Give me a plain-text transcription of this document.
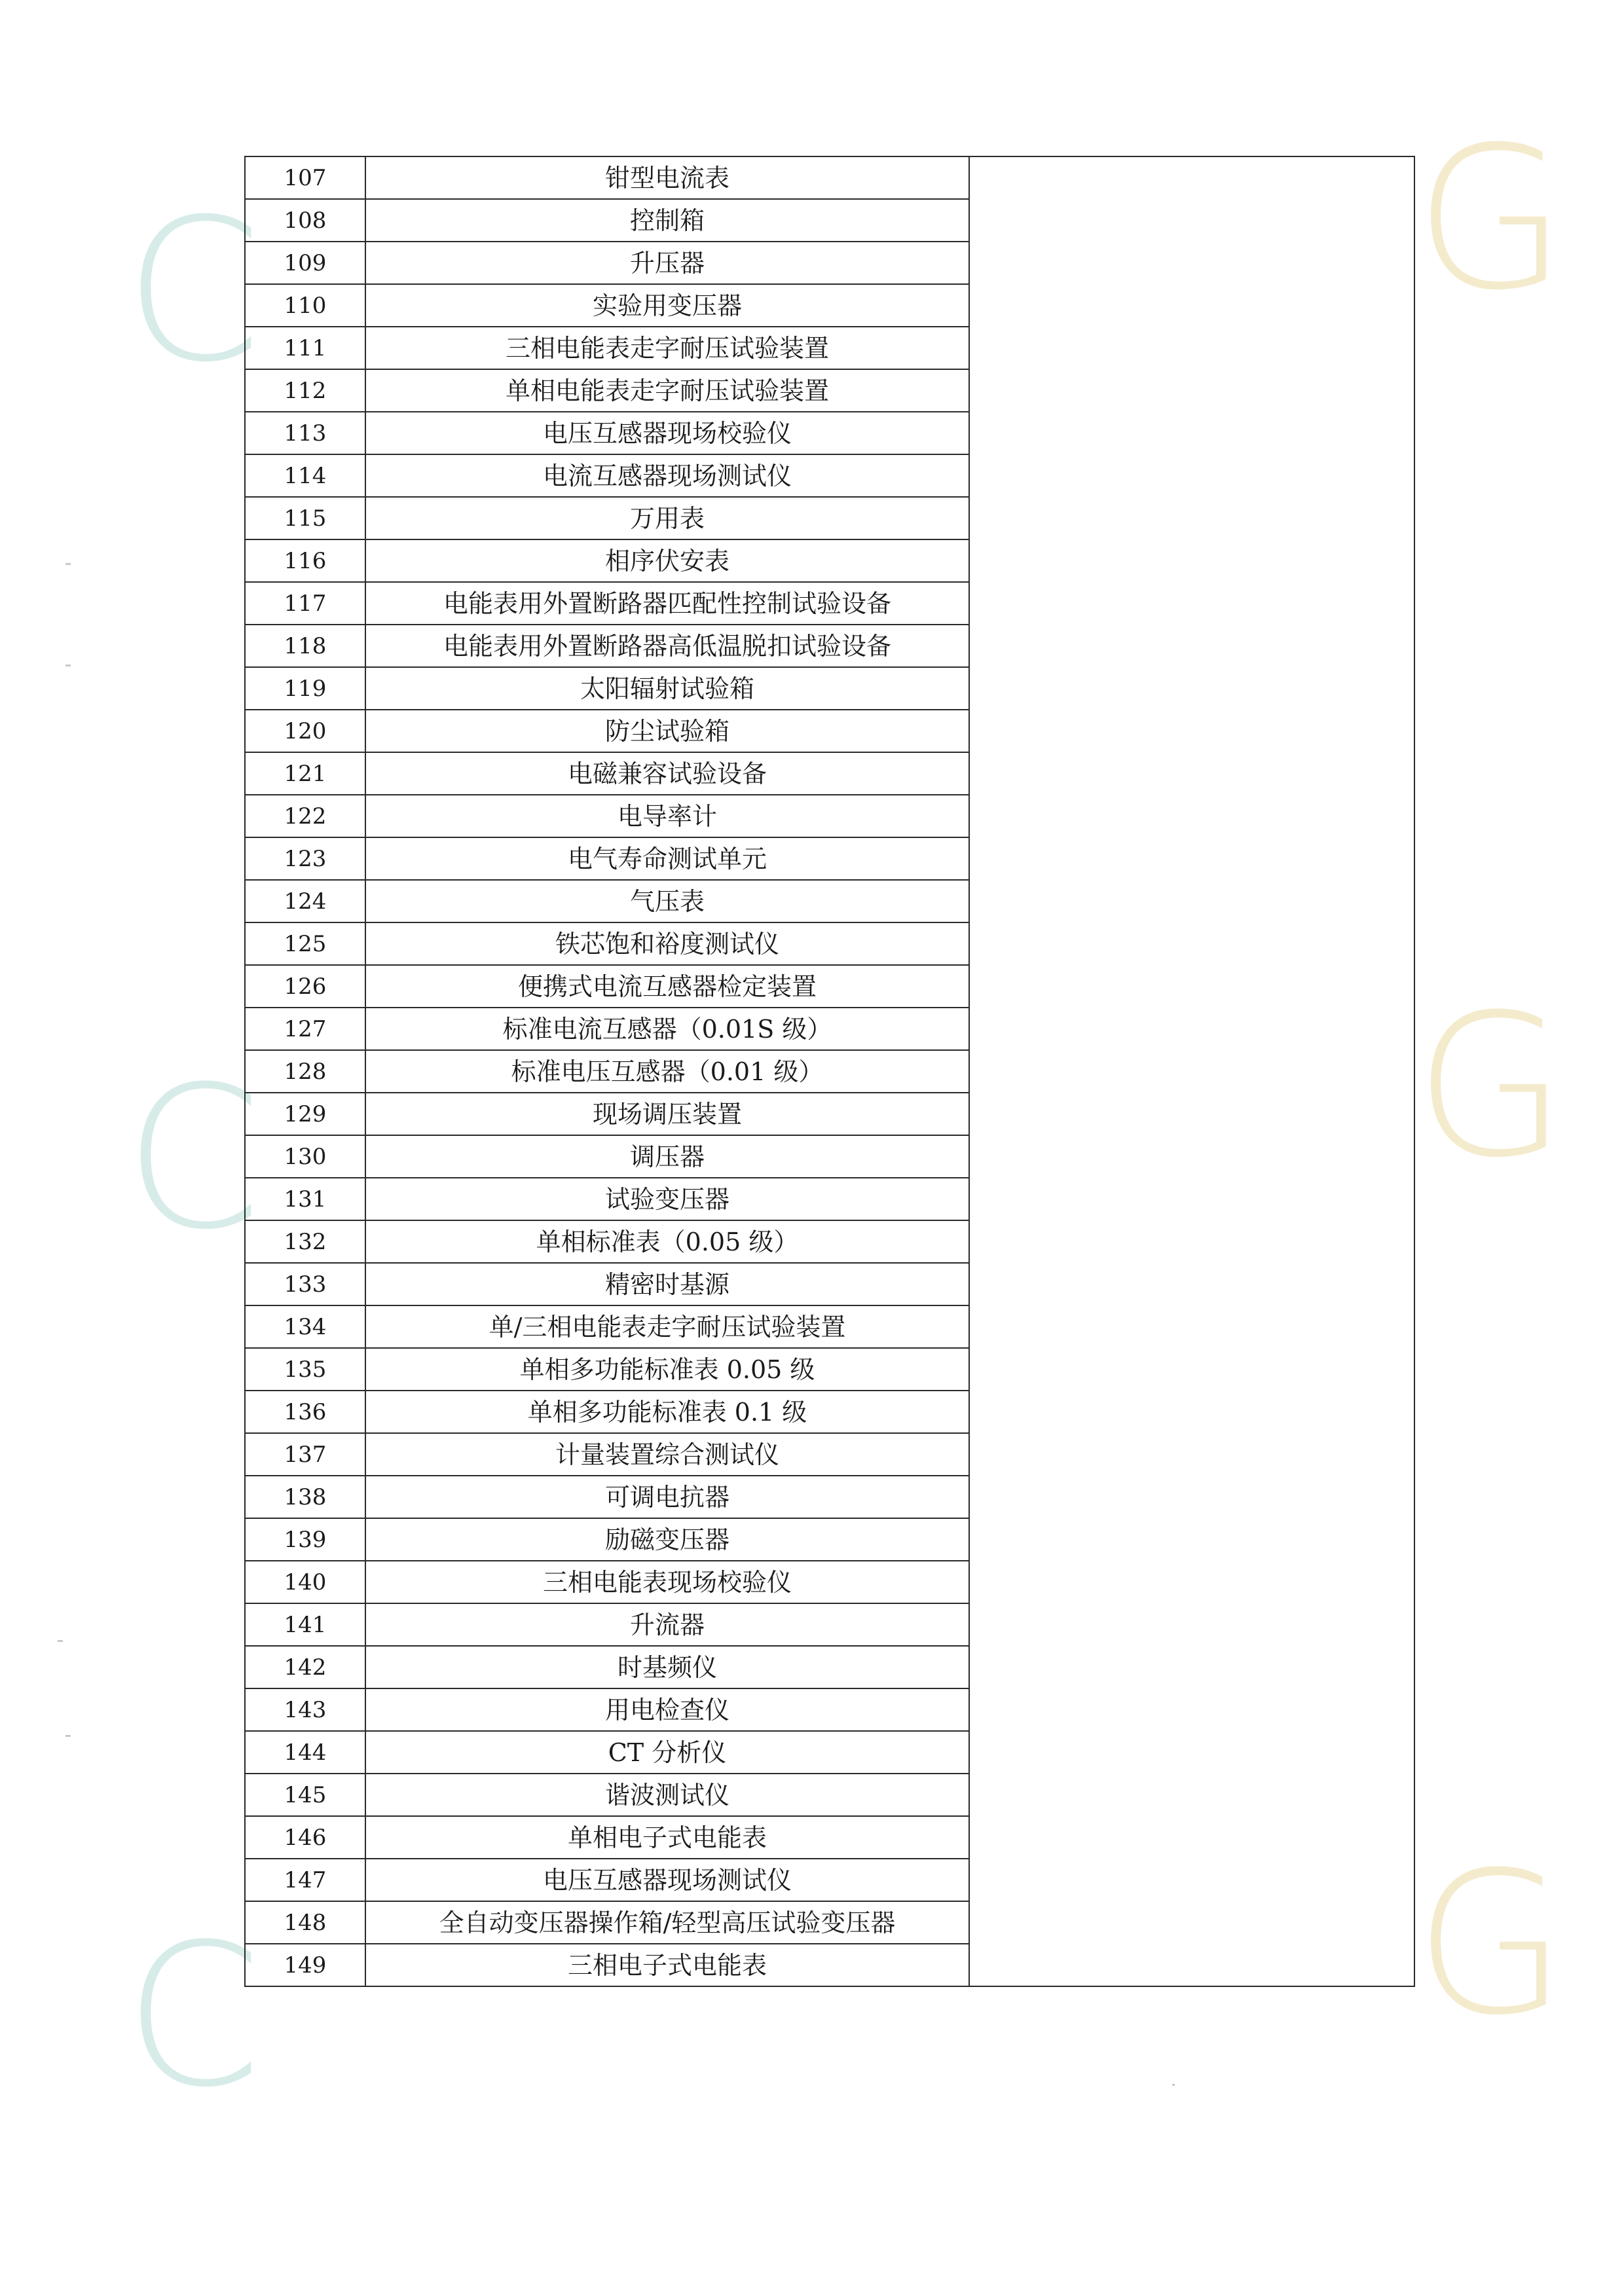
C	G
C	G
C	G
107	钳型电流表	
108	控制箱	
109	升压器	
110	实验用变压器	
111	三相电能表走字耐压试验装置	
112	单相电能表走字耐压试验装置	
113	电压互感器现场校验仪	
114	电流互感器现场测试仪	
115	万用表	
116	相序伏安表	
117	电能表用外置断路器匹配性控制试验设备	
118	电能表用外置断路器高低温脱扣试验设备	
119	太阳辐射试验箱	
120	防尘试验箱	
121	电磁兼容试验设备	
122	电导率计	
123	电气寿命测试单元	
124	气压表	
125	铁芯饱和裕度测试仪	
126	便携式电流互感器检定装置	
127	标准电流互感器（0.01S 级）	
128	标准电压互感器（0.01 级）	
129	现场调压装置	
130	调压器	
131	试验变压器	
132	单相标准表（0.05 级）	
133	精密时基源	
134	单/三相电能表走字耐压试验装置	
135	单相多功能标准表 0.05 级	
136	单相多功能标准表 0.1 级	
137	计量装置综合测试仪	
138	可调电抗器	
139	励磁变压器	
140	三相电能表现场校验仪	
141	升流器	
142	时基频仪	
143	用电检查仪	
144	CT 分析仪	
145	谐波测试仪	
146	单相电子式电能表	
147	电压互感器现场测试仪	
148	全自动变压器操作箱/轻型高压试验变压器	
149	三相电子式电能表	
